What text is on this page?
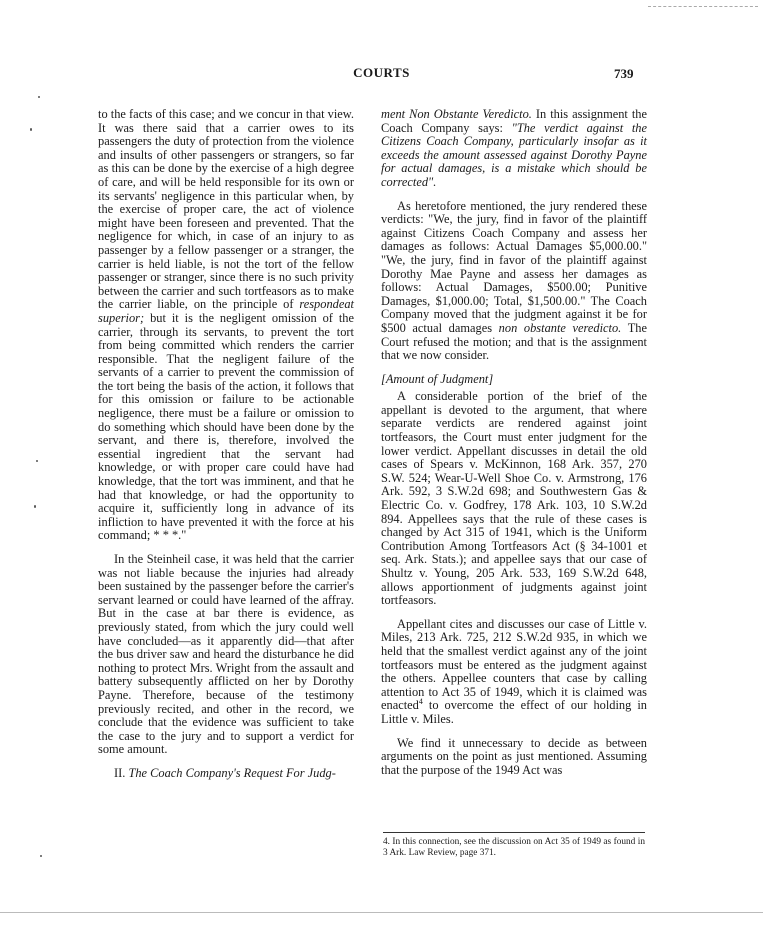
COURTS	739

to the facts of this case; and we concur in that view. It was there said that a carrier owes to its passengers the duty of protection from the violence and insults of other passengers or strangers, so far as this can be done by the exercise of a high degree of care, and will be held responsible for its own or its servants' negligence in this particular when, by the exercise of proper care, the act of violence might have been foreseen and prevented. That the negligence for which, in case of an injury to as passenger by a fellow passenger or a stranger, the carrier is held liable, is not the tort of the fellow passenger or stranger, since there is no such privity between the carrier and such tortfeasors as to make the carrier liable, on the principle of respondeat superior; but it is the negligent omission of the carrier, through its servants, to prevent the tort from being committed which renders the carrier responsible. That the negligent failure of the servants of a carrier to prevent the commission of the tort being the basis of the action, it follows that for this omission or failure to be actionable negligence, there must be a failure or omission to do something which should have been done by the servant, and there is, therefore, involved the essential ingredient that the servant had knowledge, or with proper care could have had knowledge, that the tort was imminent, and that he had that knowledge, or had the opportunity to acquire it, sufficiently long in advance of its infliction to have prevented it with the force at his command; * * *."

In the Steinheil case, it was held that the carrier was not liable because the injuries had already been sustained by the passenger before the carrier's servant learned or could have learned of the affray. But in the case at bar there is evidence, as previously stated, from which the jury could well have concluded—as it apparently did—that after the bus driver saw and heard the disturbance he did nothing to protect Mrs. Wright from the assault and battery subsequently afflicted on her by Dorothy Payne. Therefore, because of the testimony previously recited, and other in the record, we conclude that the evidence was sufficient to take the case to the jury and to support a verdict for some amount.

II. The Coach Company's Request For Judg-

ment Non Obstante Veredicto. In this assignment the Coach Company says: "The verdict against the Citizens Coach Company, particularly insofar as it exceeds the amount assessed against Dorothy Payne for actual damages, is a mistake which should be corrected".

As heretofore mentioned, the jury rendered these verdicts: "We, the jury, find in favor of the plaintiff against Citizens Coach Company and assess her damages as follows: Actual Damages $5,000.00." "We, the jury, find in favor of the plaintiff against Dorothy Mae Payne and assess her damages as follows: Actual Damages, $500.00; Punitive Damages, $1,000.00; Total, $1,500.00." The Coach Company moved that the judgment against it be for $500 actual damages non obstante veredicto. The Court refused the motion; and that is the assignment that we now consider.

[Amount of Judgment]

A considerable portion of the brief of the appellant is devoted to the argument, that where separate verdicts are rendered against joint tortfeasors, the Court must enter judgment for the lower verdict. Appellant discusses in detail the old cases of Spears v. McKinnon, 168 Ark. 357, 270 S.W. 524; Wear-U-Well Shoe Co. v. Armstrong, 176 Ark. 592, 3 S.W.2d 698; and Southwestern Gas & Electric Co. v. Godfrey, 178 Ark. 103, 10 S.W.2d 894. Appellees says that the rule of these cases is changed by Act 315 of 1941, which is the Uniform Contribution Among Tortfeasors Act (§ 34-1001 et seq. Ark. Stats.); and appellee says that our case of Shultz v. Young, 205 Ark. 533, 169 S.W.2d 648, allows apportionment of judgments against joint tortfeasors.

Appellant cites and discusses our case of Little v. Miles, 213 Ark. 725, 212 S.W.2d 935, in which we held that the smallest verdict against any of the joint tortfeasors must be entered as the judgment against the others. Appellee counters that case by calling attention to Act 35 of 1949, which it is claimed was enacted$^4$ to overcome the effect of our holding in Little v. Miles.

We find it unnecessary to decide as between arguments on the point as just mentioned. Assuming that the purpose of the 1949 Act was

4. In this connection, see the discussion on Act 35 of 1949 as found in 3 Ark. Law Review, page 371.
